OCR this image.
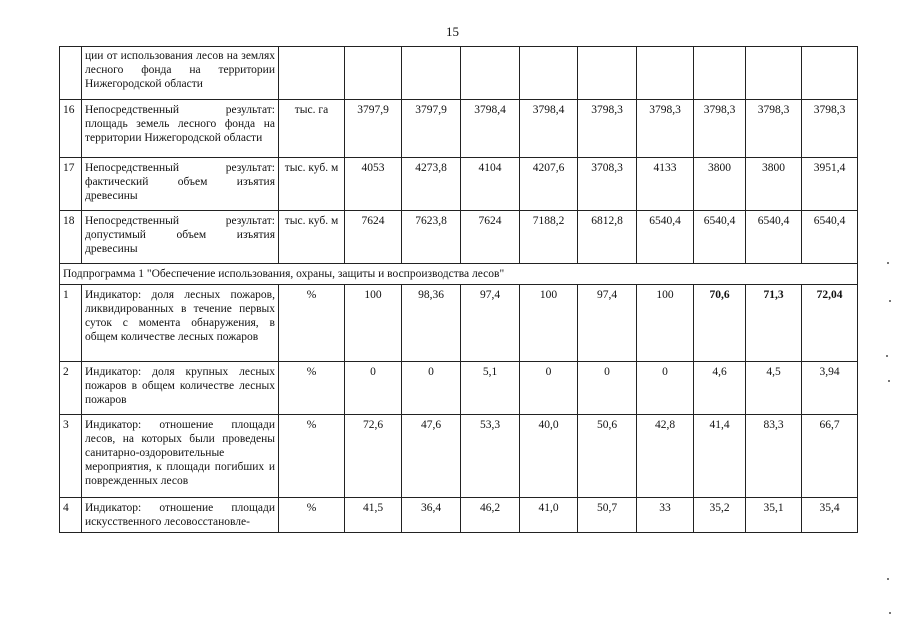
15
	ции от использования лесов на землях лесного фонда на территории Нижегородской области										
16	Непосредственный результат: площадь земель лесного фонда на территории Нижегородской области	тыс. га	3797,9	3797,9	3798,4	3798,4	3798,3	3798,3	3798,3	3798,3	3798,3
17	Непосредственный результат: фактический объем изъятия древесины	тыс. куб. м	4053	4273,8	4104	4207,6	3708,3	4133	3800	3800	3951,4
18	Непосредственный результат: допустимый объем изъятия древесины	тыс. куб. м	7624	7623,8	7624	7188,2	6812,8	6540,4	6540,4	6540,4	6540,4
Подпрограмма 1 "Обеспечение использования, охраны, защиты и воспроизводства лесов"											
1	Индикатор: доля лесных пожаров, ликвидированных в течение первых суток с момента обнаружения, в общем количестве лесных пожаров	%	100	98,36	97,4	100	97,4	100	70,6	71,3	72,04
2	Индикатор: доля крупных лесных пожаров в общем количестве лесных пожаров	%	0	0	5,1	0	0	0	4,6	4,5	3,94
3	Индикатор: отношение площади лесов, на которых были проведены санитарно-оздоровительные мероприятия, к площади погибших и поврежденных лесов	%	72,6	47,6	53,3	40,0	50,6	42,8	41,4	83,3	66,7
4	Индикатор: отношение площади искусственного лесовосстановле-	%	41,5	36,4	46,2	41,0	50,7	33	35,2	35,1	35,4
